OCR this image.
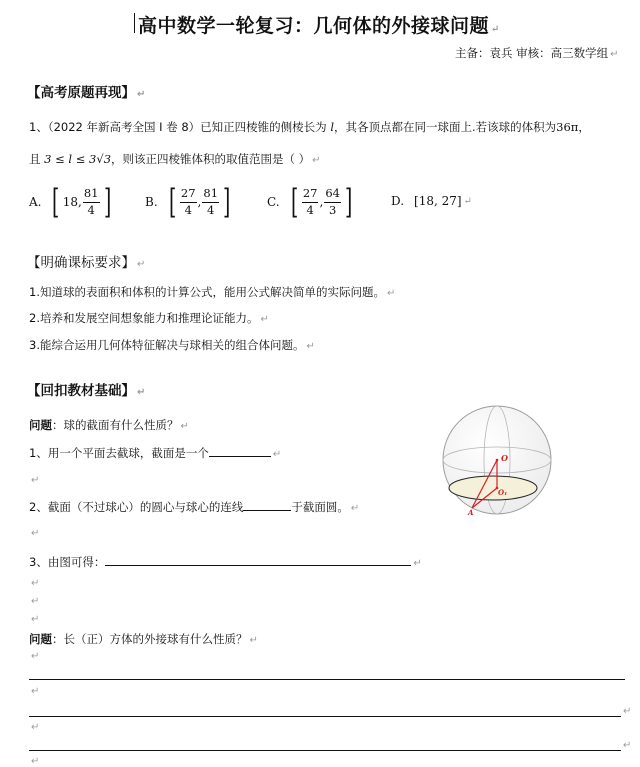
高中数学一轮复习：几何体的外接球问题 ↵
主备：袁兵 审核：高三数学组 ↵
【高考原题再现】 ↵
1、（2022 年新高考全国 I 卷 8）已知正四棱锥的侧棱长为 l，其各顶点都在同一球面上.若该球的体积为36π，
且 3 ≤ l ≤ 3√3，则该正四棱锥体积的取值范围是（ ） ↵
A. [ 18 , $\frac{81}{4}$ ]	B. [ $\frac{27}{4}$ , $\frac{81}{4}$ ]	C. [ $\frac{27}{4}$ , $\frac{64}{3}$ ]	D. [18, 27] ↵
【明确课标要求】 ↵
1.知道球的表面积和体积的计算公式，能用公式解决简单的实际问题。 ↵
2.培养和发展空间想象能力和推理论证能力。 ↵
3.能综合运用几何体特征解决与球相关的组合体问题。 ↵
【回扣教材基础】 ↵
问题：球的截面有什么性质？ ↵
1、用一个平面去截球，截面是一个	↵
↵
2、截面（不过球心）的圆心与球心的连线	于截面圆。 ↵
↵
3、由图可得：	↵
↵
↵
↵
问题：长（正）方体的外接球有什么性质？ ↵
↵
↵
↵
↵
↵
↵
O
O₁
A
